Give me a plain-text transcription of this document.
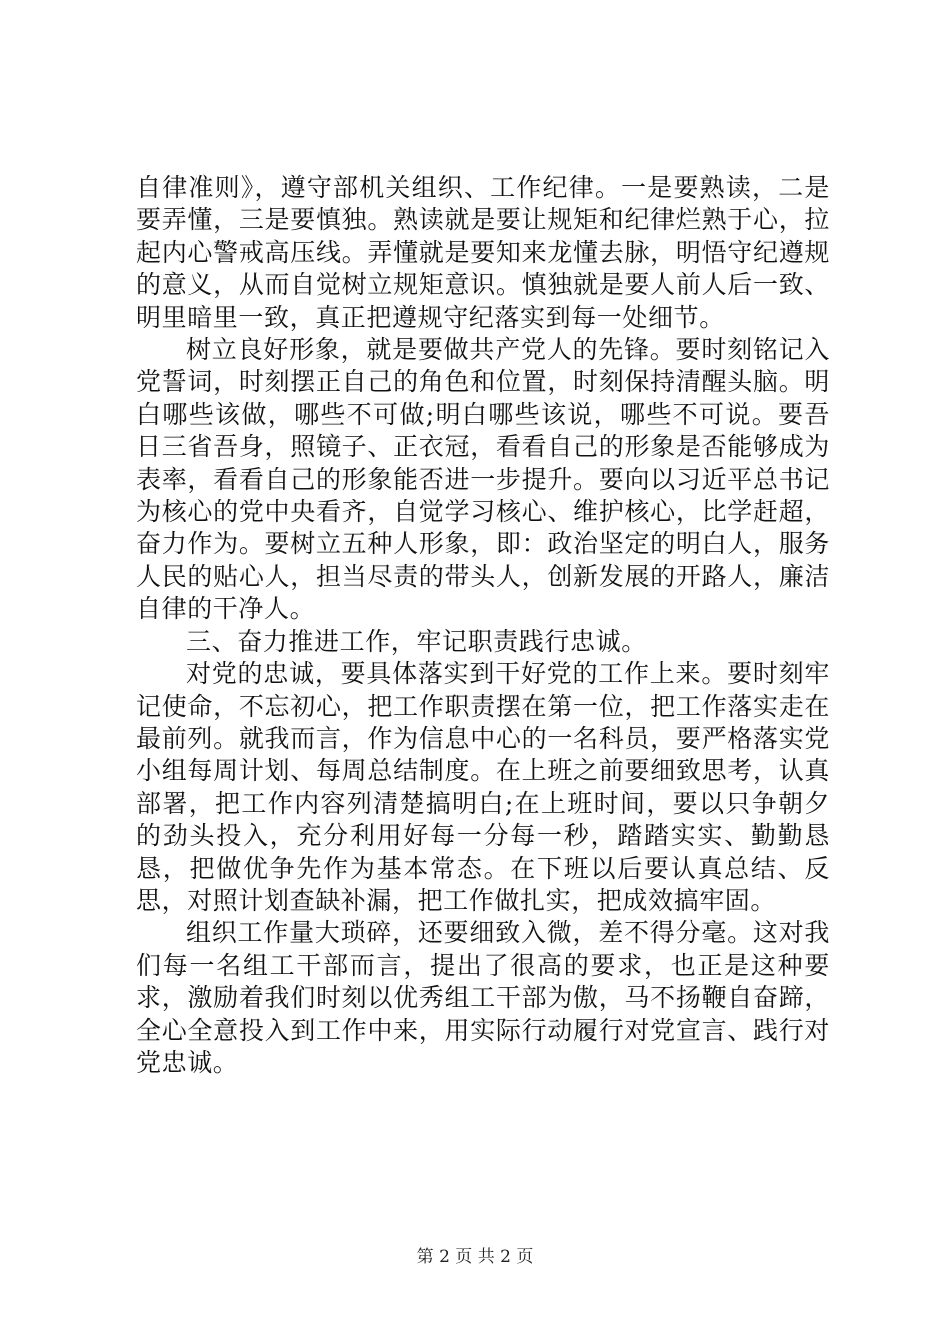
自律准则》，遵守部机关组织、工作纪律。一是要熟读，二是要弄懂，三是要慎独。熟读就是要让规矩和纪律烂熟于心，拉起内心警戒高压线。弄懂就是要知来龙懂去脉，明悟守纪遵规的意义，从而自觉树立规矩意识。慎独就是要人前人后一致、明里暗里一致，真正把遵规守纪落实到每一处细节。

树立良好形象，就是要做共产党人的先锋。要时刻铭记入党誓词，时刻摆正自己的角色和位置，时刻保持清醒头脑。明白哪些该做，哪些不可做;明白哪些该说，哪些不可说。要吾日三省吾身，照镜子、正衣冠，看看自己的形象是否能够成为表率，看看自己的形象能否进一步提升。要向以习近平总书记为核心的党中央看齐，自觉学习核心、维护核心，比学赶超，奋力作为。要树立五种人形象，即：政治坚定的明白人，服务人民的贴心人，担当尽责的带头人，创新发展的开路人，廉洁自律的干净人。

三、奋力推进工作，牢记职责践行忠诚。

对党的忠诚，要具体落实到干好党的工作上来。要时刻牢记使命，不忘初心，把工作职责摆在第一位，把工作落实走在最前列。就我而言，作为信息中心的一名科员，要严格落实党小组每周计划、每周总结制度。在上班之前要细致思考，认真部署，把工作内容列清楚搞明白;在上班时间，要以只争朝夕的劲头投入，充分利用好每一分每一秒，踏踏实实、勤勤恳恳，把做优争先作为基本常态。在下班以后要认真总结、反思，对照计划查缺补漏，把工作做扎实，把成效搞牢固。

组织工作量大琐碎，还要细致入微，差不得分毫。这对我们每一名组工干部而言，提出了很高的要求，也正是这种要求，激励着我们时刻以优秀组工干部为傲，马不扬鞭自奋蹄，全心全意投入到工作中来，用实际行动履行对党宣言、践行对党忠诚。

第 2 页 共 2 页
